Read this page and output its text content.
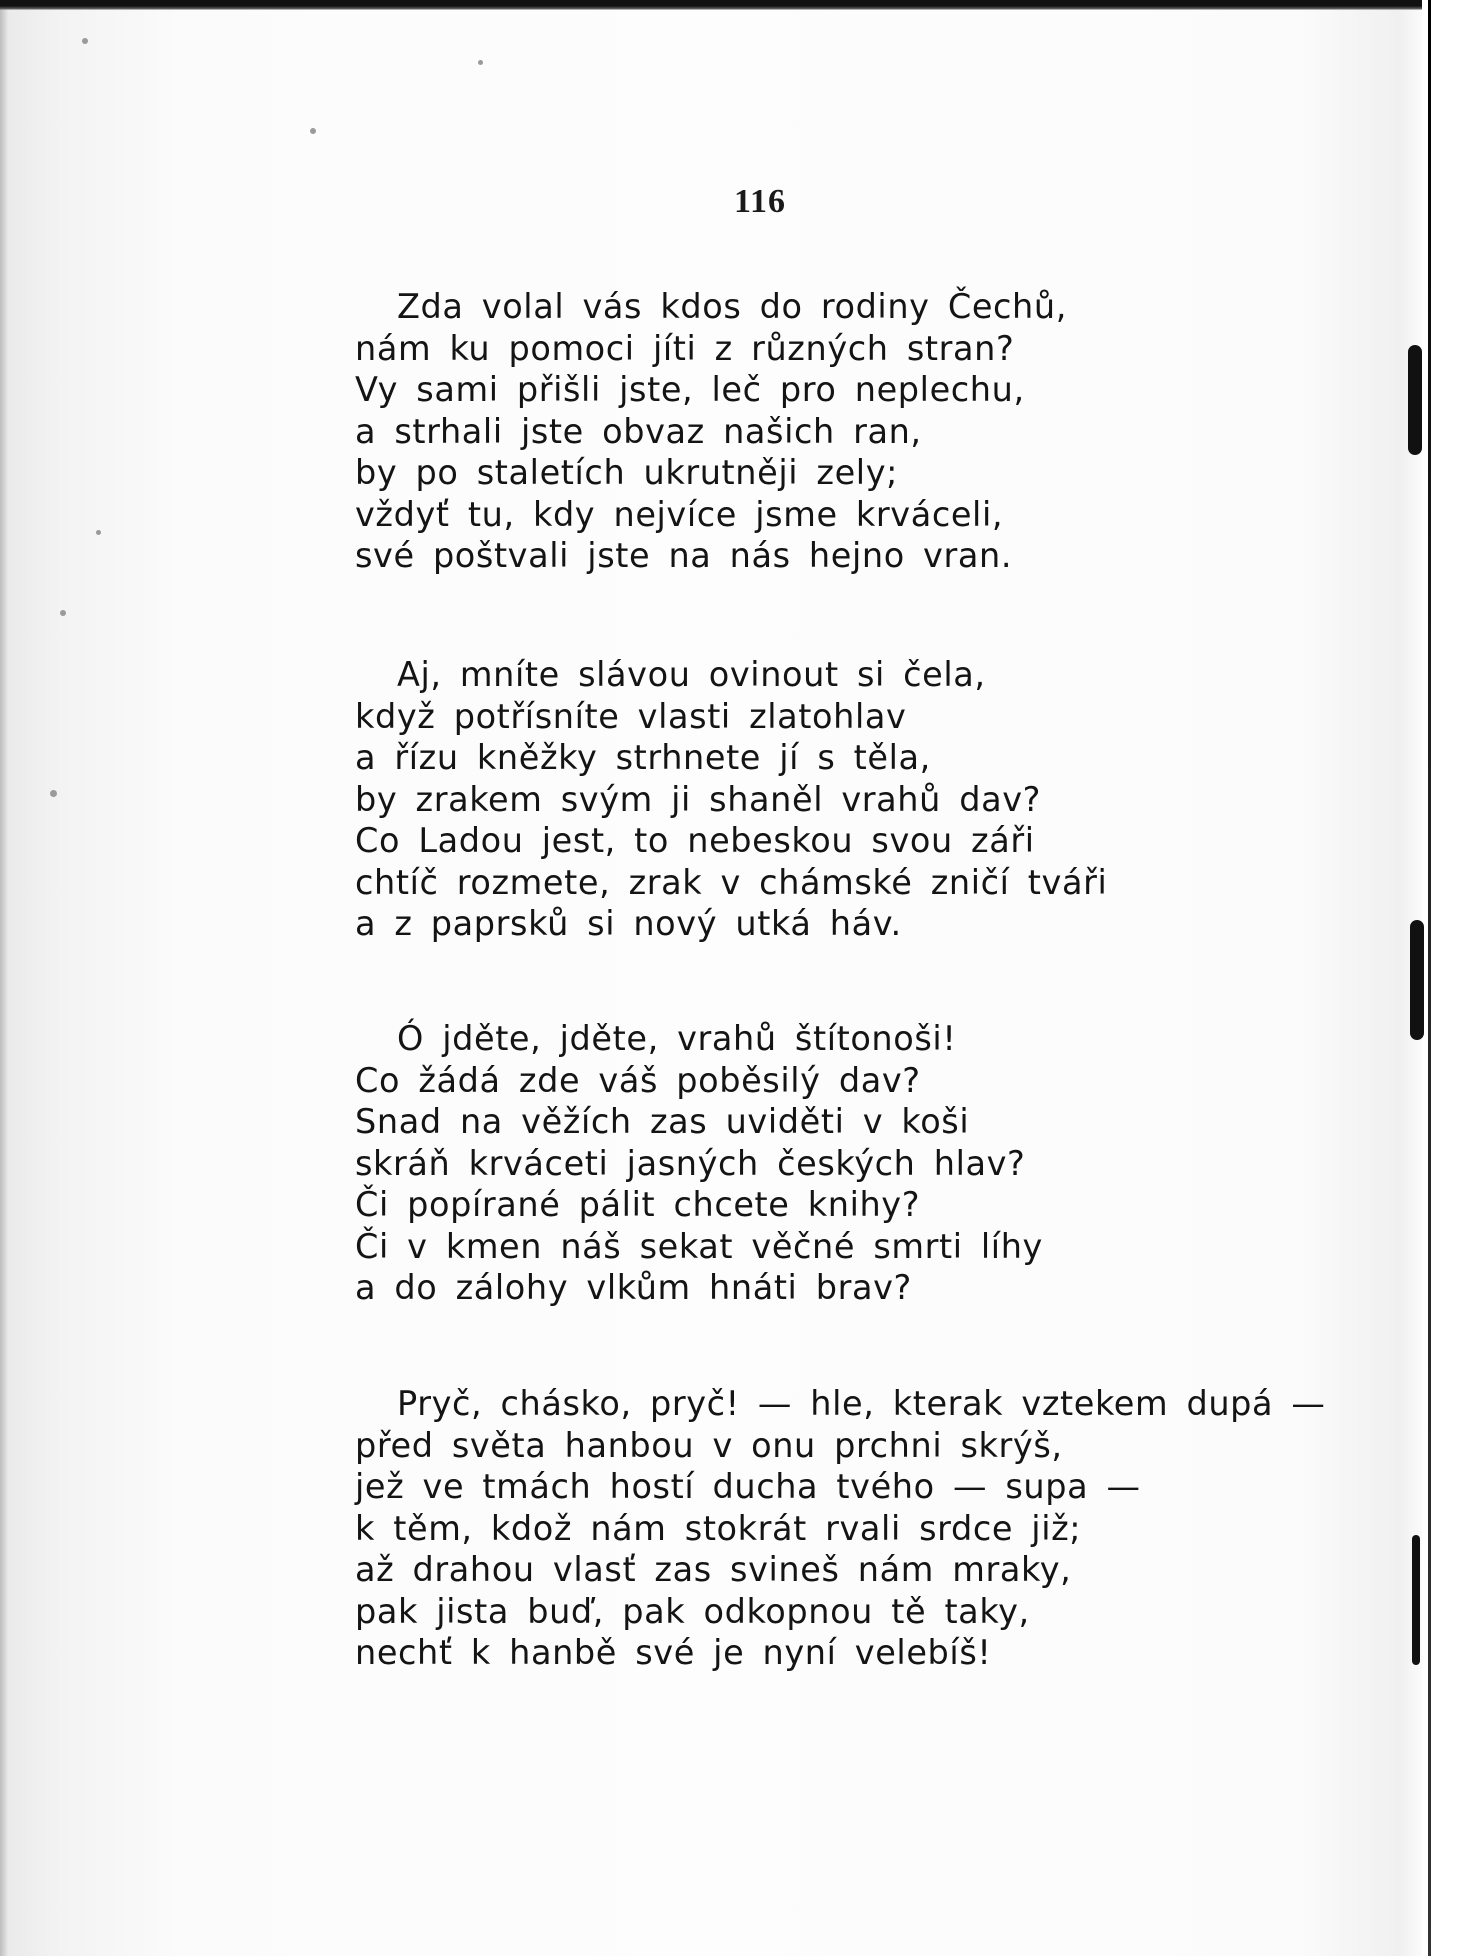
116
Zda volal vás kdos do rodiny Čechů,
nám ku pomoci jíti z různých stran?
Vy sami přišli jste, leč pro neplechu,
a strhali jste obvaz našich ran,
by po staletích ukrutněji zely;
vždyť tu, kdy nejvíce jsme krváceli,
své poštvali jste na nás hejno vran.
Aj, mníte slávou ovinout si čela,
když potřísníte vlasti zlatohlav
a řízu kněžky strhnete jí s těla,
by zrakem svým ji shaněl vrahů dav?
Co Ladou jest, to nebeskou svou záři
chtíč rozmete, zrak v chámské zničí tváři
a z paprsků si nový utká háv.
Ó jděte, jděte, vrahů štítonoši!
Co žádá zde váš poběsilý dav?
Snad na věžích zas uviděti v koši
skráň krváceti jasných českých hlav?
Či popírané pálit chcete knihy?
Či v kmen náš sekat věčné smrti líhy
a do zálohy vlkům hnáti brav?
Pryč, chásko, pryč! — hle, kterak vztekem dupá —
před světa hanbou v onu prchni skrýš,
jež ve tmách hostí ducha tvého — supa —
k těm, kdož nám stokrát rvali srdce již;
až drahou vlasť zas svineš nám mraky,
pak jista buď, pak odkopnou tě taky,
nechť k hanbě své je nyní velebíš!
